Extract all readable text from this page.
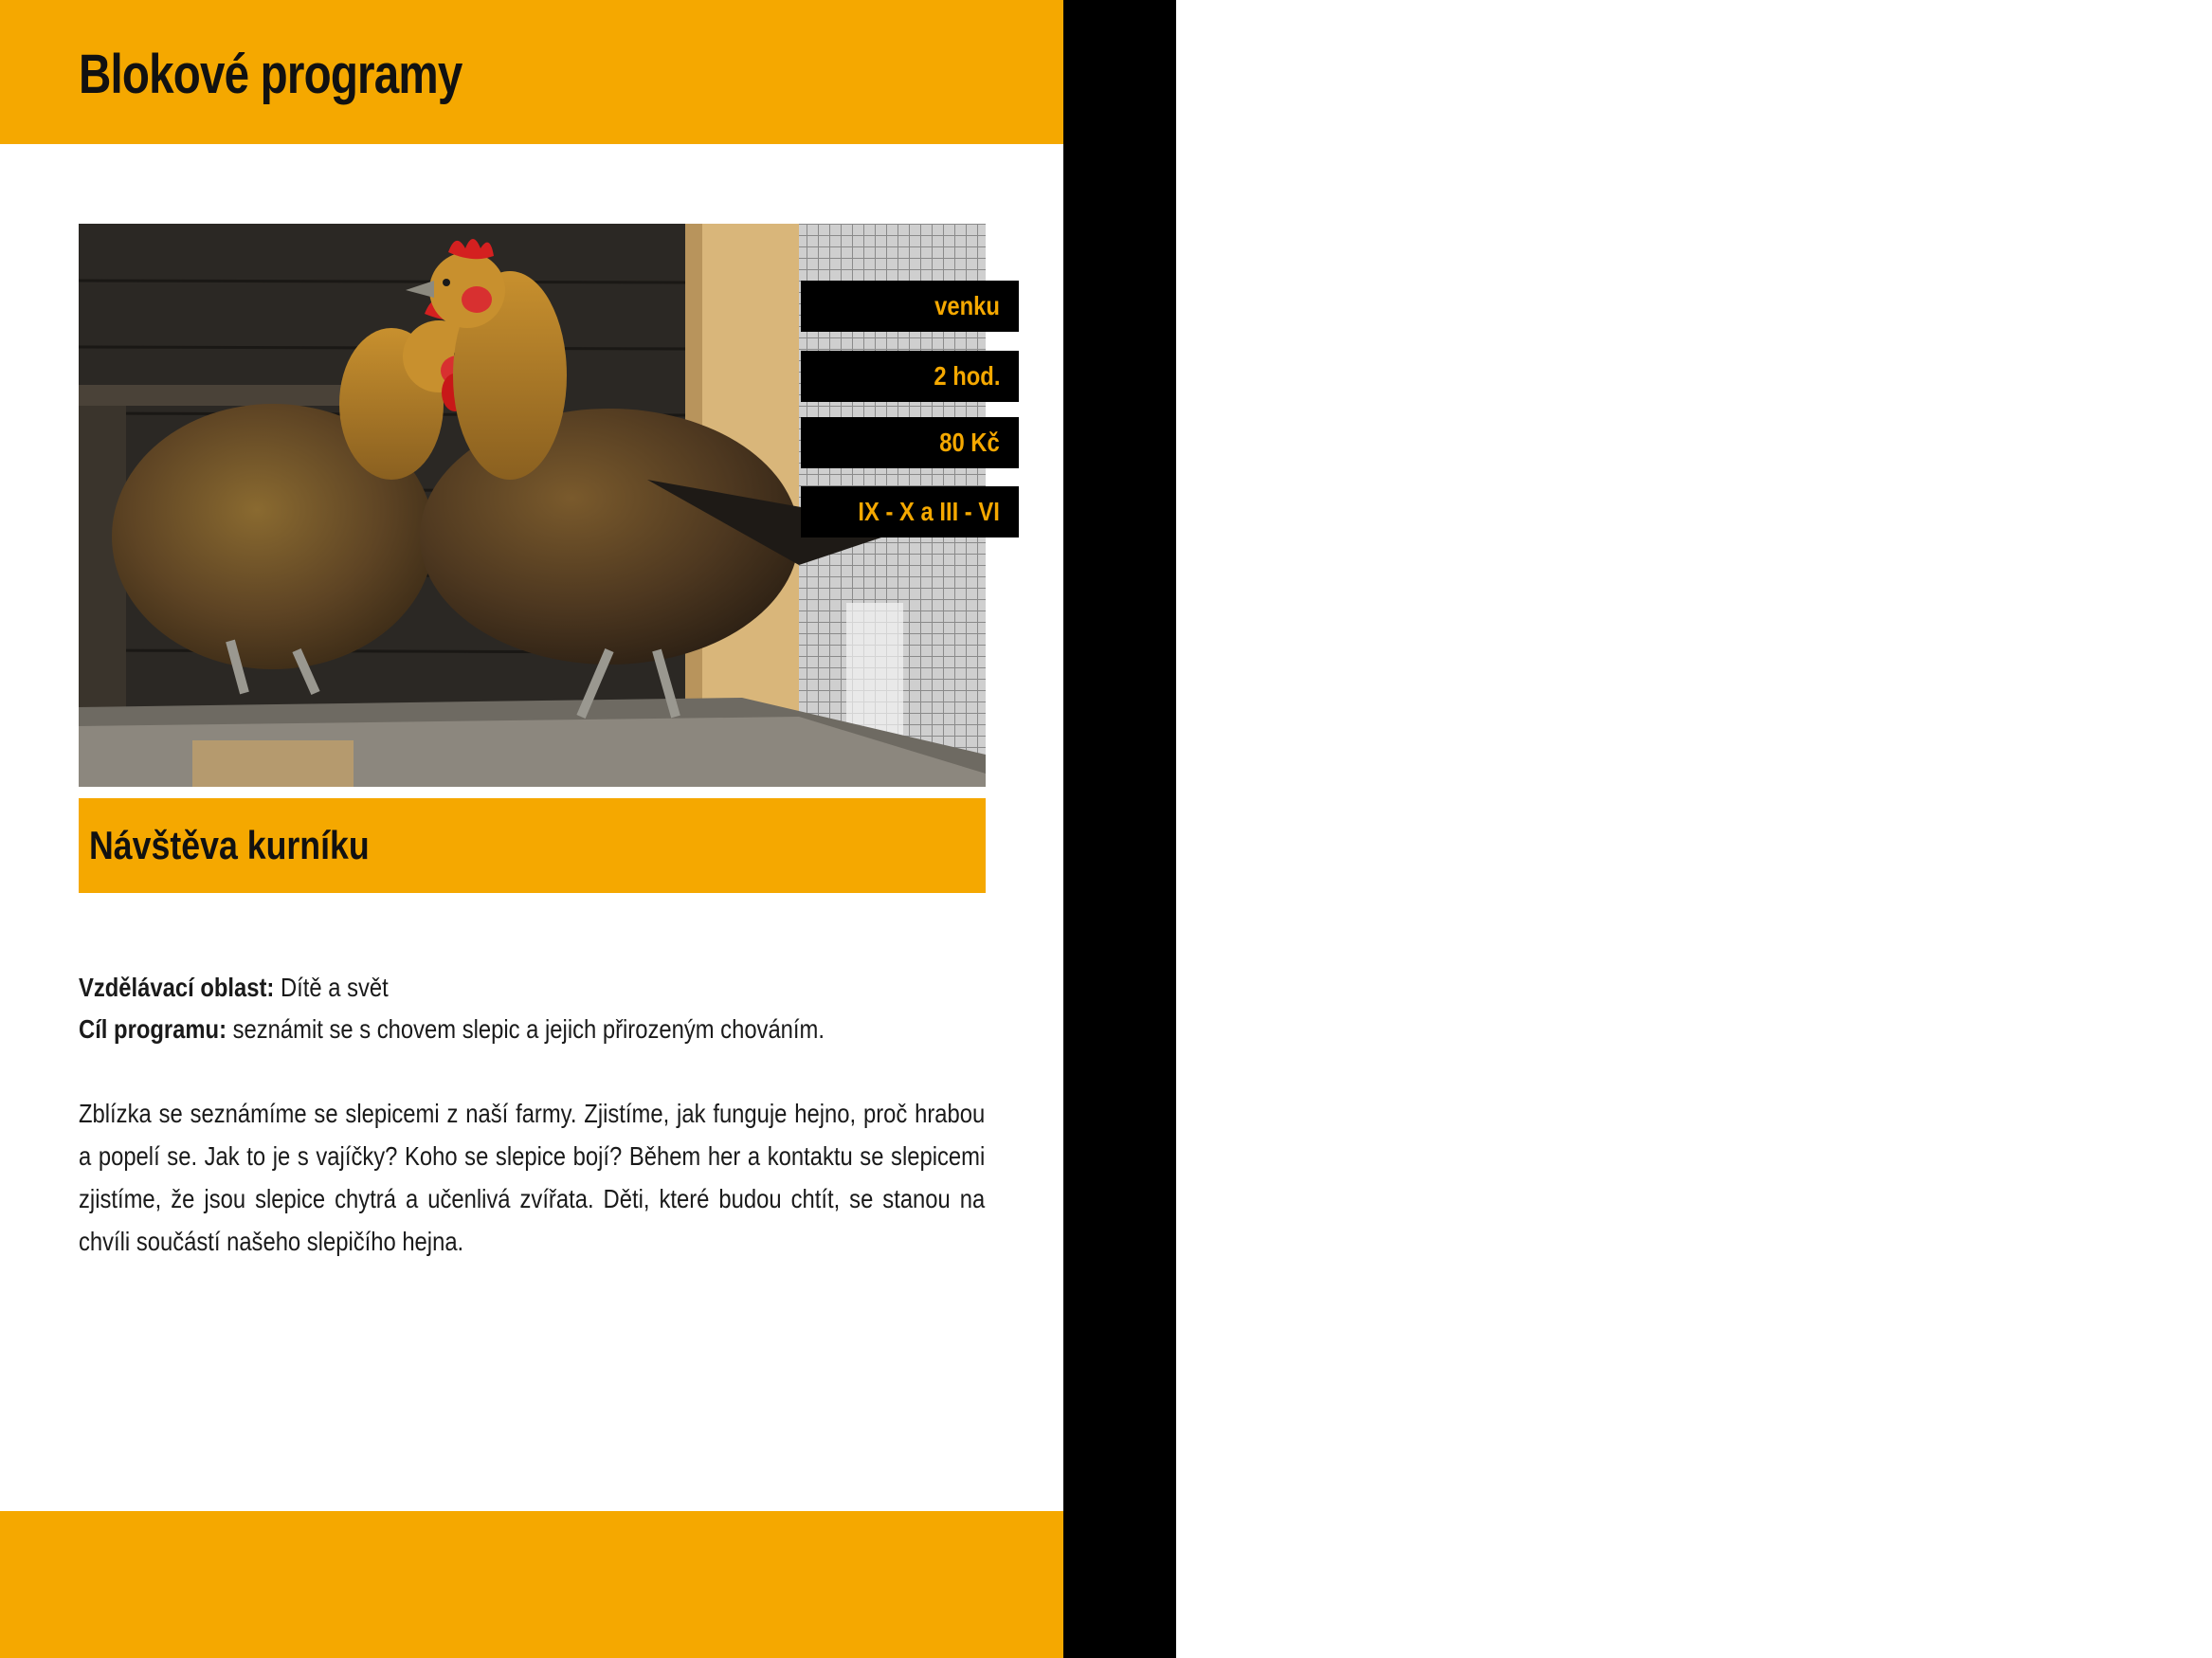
Blokové programy
Mateřská škola
venku
2 hod.
80 Kč
IX - X a III - VI
Návštěva kurníku
Vzdělávací oblast: Dítě a svět
Cíl programu: seznámit se s chovem slepic a jejich přirozeným chováním.

Zblízka se seznámíme se slepicemi z naší farmy. Zjistíme, jak funguje hejno, proč hrabou a popelí se. Jak to je s vajíčky? Koho se slepice bojí? Během her a kontaktu se slepicemi zjistíme, že jsou slepice chytrá a učenlivá zvířata. Děti, které budou chtít, se stanou na chvíli součástí našeho slepičího hejna.
